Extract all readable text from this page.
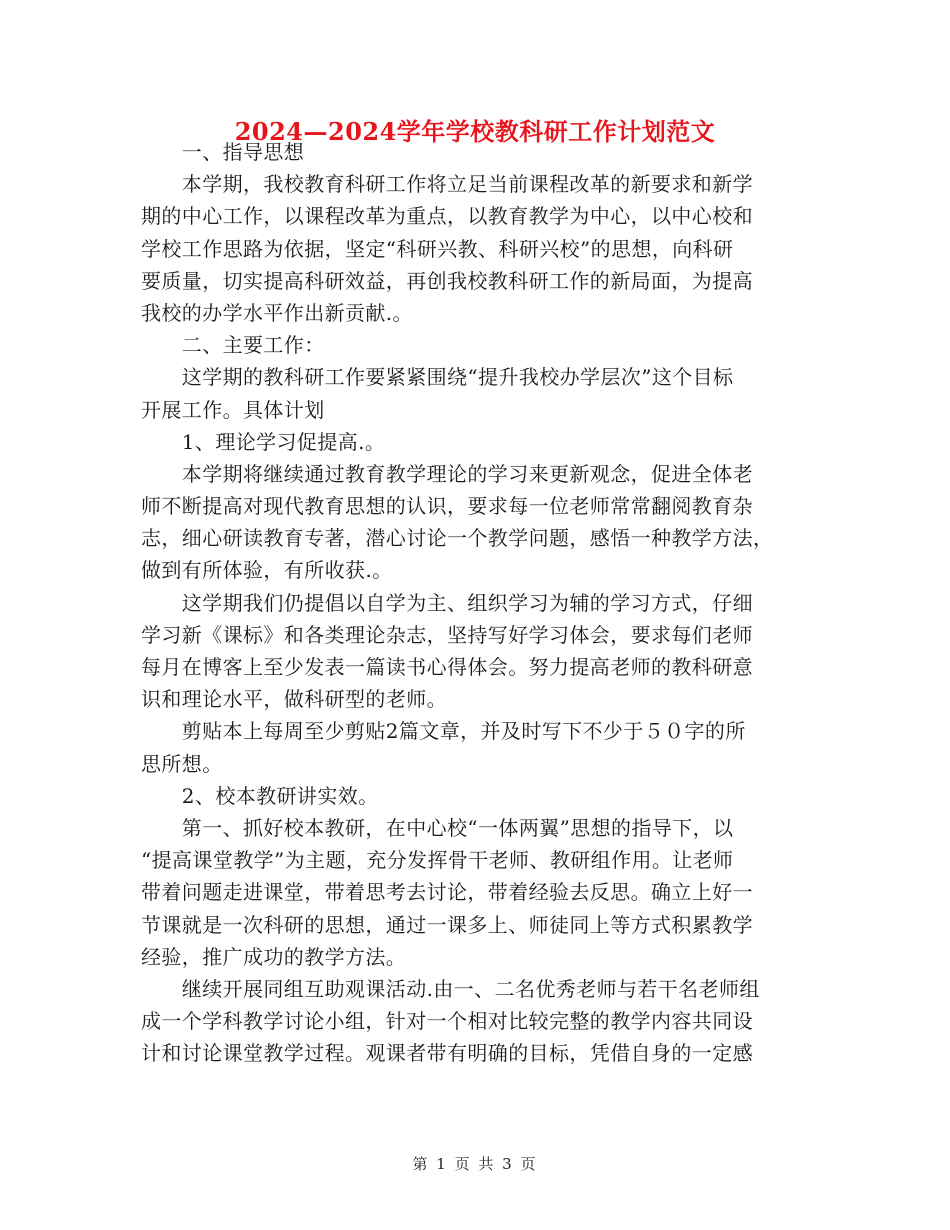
2024—2024学年学校教科研工作计划范文
　　一、指导思想
　　本学期，我校教育科研工作将立足当前课程改革的新要求和新学
期的中心工作，以课程改革为重点，以教育教学为中心，以中心校和
学校工作思路为依据，坚定“科研兴教、科研兴校”的思想，向科研
要质量，切实提高科研效益，再创我校教科研工作的新局面，为提高
我校的办学水平作出新贡献.。
　　二、主要工作：
　　这学期的教科研工作要紧紧围绕“提升我校办学层次”这个目标
开展工作。具体计划
　　1、理论学习促提高.。
　　本学期将继续通过教育教学理论的学习来更新观念，促进全体老
师不断提高对现代教育思想的认识，要求每一位老师常常翻阅教育杂
志，细心研读教育专著，潜心讨论一个教学问题，感悟一种教学方法，
做到有所体验，有所收获.。
　　这学期我们仍提倡以自学为主、组织学习为辅的学习方式，仔细
学习新《课标》和各类理论杂志，坚持写好学习体会，要求每们老师
每月在博客上至少发表一篇读书心得体会。努力提高老师的教科研意
识和理论水平，做科研型的老师。
　　剪贴本上每周至少剪贴2篇文章，并及时写下不少于５０字的所
思所想。
　　2、校本教研讲实效。
　　第一、抓好校本教研，在中心校“一体两翼”思想的指导下，以
“提高课堂教学”为主题，充分发挥骨干老师、教研组作用。让老师
带着问题走进课堂，带着思考去讨论，带着经验去反思。确立上好一
节课就是一次科研的思想，通过一课多上、师徒同上等方式积累教学
经验，推广成功的教学方法。
　　继续开展同组互助观课活动.由一、二名优秀老师与若干名老师组
成一个学科教学讨论小组，针对一个相对比较完整的教学内容共同设
计和讨论课堂教学过程。观课者带有明确的目标，凭借自身的一定感
第 1 页 共 3 页
